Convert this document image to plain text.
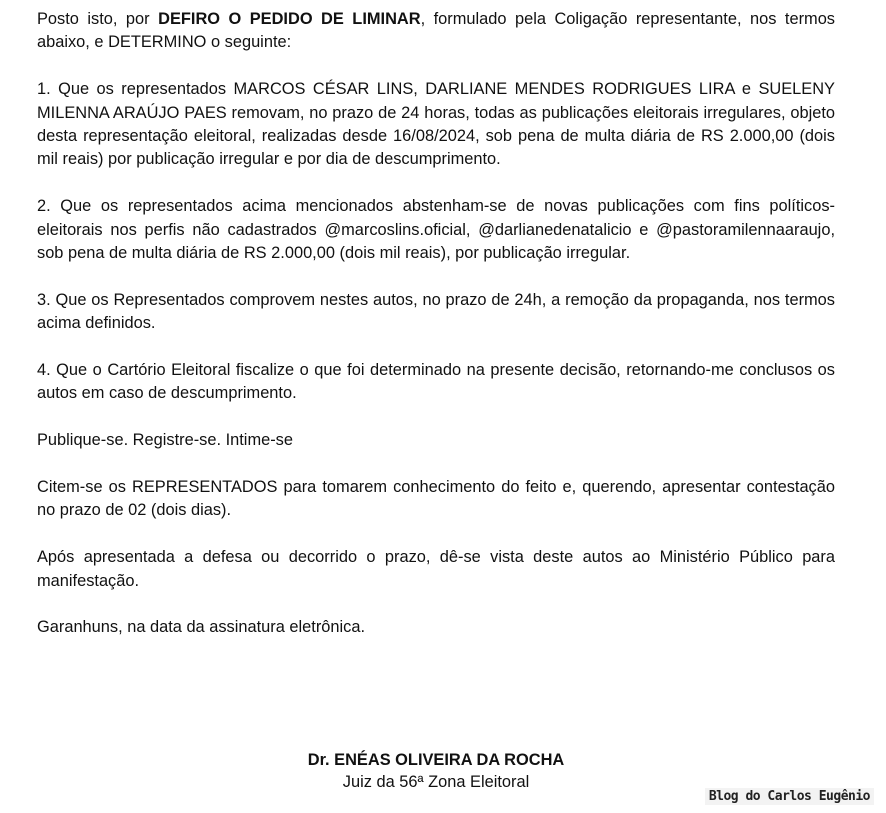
Posto isto, por DEFIRO O PEDIDO DE LIMINAR, formulado pela Coligação representante, nos termos abaixo, e DETERMINO o seguinte:

1. Que os representados MARCOS CÉSAR LINS, DARLIANE MENDES RODRIGUES LIRA e SUELENY MILENNA ARAÚJO PAES removam, no prazo de 24 horas, todas as publicações eleitorais irregulares, objeto desta representação eleitoral, realizadas desde 16/08/2024, sob pena de multa diária de RS 2.000,00 (dois mil reais) por publicação irregular e por dia de descumprimento.

2. Que os representados acima mencionados abstenham-se de novas publicações com fins políticos-eleitorais nos perfis não cadastrados @marcoslins.oficial, @darlianedenatalicio e @pastoramilennaaraujo, sob pena de multa diária de RS 2.000,00 (dois mil reais), por publicação irregular.

3. Que os Representados comprovem nestes autos, no prazo de 24h, a remoção da propaganda, nos termos acima definidos.

4. Que o Cartório Eleitoral fiscalize o que foi determinado na presente decisão, retornando-me conclusos os autos em caso de descumprimento.

Publique-se. Registre-se. Intime-se

Citem-se os REPRESENTADOS para tomarem conhecimento do feito e, querendo, apresentar contestação no prazo de 02 (dois dias).

Após apresentada a defesa ou decorrido o prazo, dê-se vista deste autos ao Ministério Público para manifestação.

Garanhuns, na data da assinatura eletrônica.

Dr. ENÉAS OLIVEIRA DA ROCHA
Juiz da 56ª Zona Eleitoral
Blog do Carlos Eugênio
